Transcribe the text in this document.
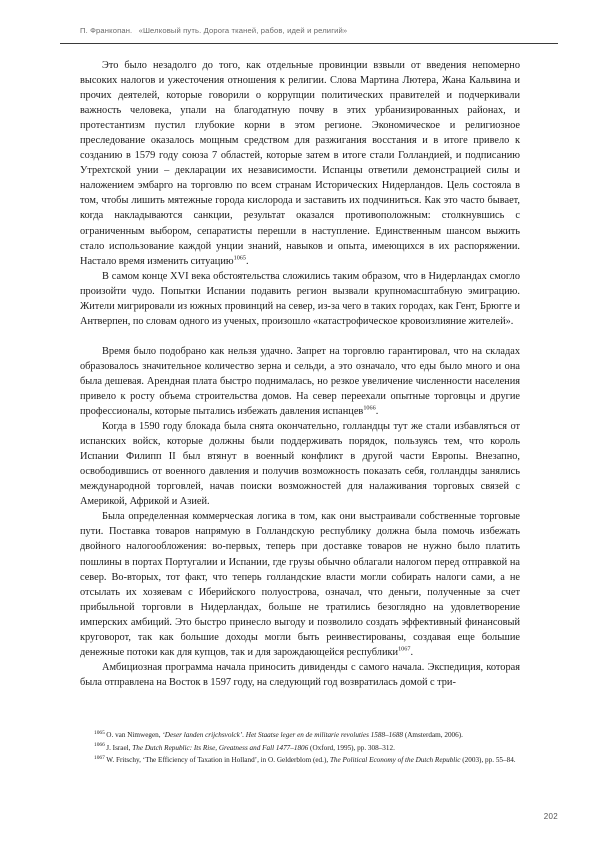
П. Франкопан. «Шелковый путь. Дорога тканей, рабов, идей и религий»

Это было незадолго до того, как отдельные провинции взвыли от введения непомерно высоких налогов и ужесточения отношения к религии. Слова Мартина Лютера, Жана Кальвина и прочих деятелей, которые говорили о коррупции политических правителей и подчеркивали важность человека, упали на благодатную почву в этих урбанизированных районах, и протестантизм пустил глубокие корни в этом регионе. Экономическое и религиозное преследование оказалось мощным средством для разжигания восстания и в итоге привело к созданию в 1579 году союза 7 областей, которые затем в итоге стали Голландией, и подписанию Утрехтской унии – декларации их независимости. Испанцы ответили демонстрацией силы и наложением эмбарго на торговлю по всем странам Исторических Нидерландов. Цель состояла в том, чтобы лишить мятежные города кислорода и заставить их подчиниться. Как это часто бывает, когда накладываются санкции, результат оказался противоположным: столкнувшись с ограниченным выбором, сепаратисты перешли в наступление. Единственным шансом выжить стало использование каждой унции знаний, навыков и опыта, имеющихся в их распоряжении. Настало время изменить ситуацию$^{1065}$.

В самом конце XVI века обстоятельства сложились таким образом, что в Нидерландах смогло произойти чудо. Попытки Испании подавить регион вызвали крупномасштабную эмиграцию. Жители мигрировали из южных провинций на север, из-за чего в таких городах, как Гент, Брюгге и Антверпен, по словам одного из ученых, произошло «катастрофическое кровоизлияние жителей».

Время было подобрано как нельзя удачно. Запрет на торговлю гарантировал, что на складах образовалось значительное количество зерна и сельди, а это означало, что еды было много и она была дешевая. Арендная плата быстро поднималась, но резкое увеличение численности населения привело к росту объема строительства домов. На север переехали опытные торговцы и другие профессионалы, которые пытались избежать давления испанцев$^{1066}$.

Когда в 1590 году блокада была снята окончательно, голландцы тут же стали избавляться от испанских войск, которые должны были поддерживать порядок, пользуясь тем, что король Испании Филипп II был втянут в военный конфликт в другой части Европы. Внезапно, освободившись от военного давления и получив возможность показать себя, голландцы занялись международной торговлей, начав поиски возможностей для налаживания торговых связей с Америкой, Африкой и Азией.

Была определенная коммерческая логика в том, как они выстраивали собственные торговые пути. Поставка товаров напрямую в Голландскую республику должна была помочь избежать двойного налогообложения: во-первых, теперь при доставке товаров не нужно было платить пошлины в портах Португалии и Испании, где грузы обычно облагали налогом перед отправкой на север. Во-вторых, тот факт, что теперь голландские власти могли собирать налоги сами, а не отсылать их хозяевам с Иберийского полуострова, означал, что деньги, полученные за счет прибыльной торговли в Нидерландах, больше не тратились безоглядно на удовлетворение имперских амбиций. Это быстро принесло выгоду и позволило создать эффективный финансовый круговорот, так как большие доходы могли быть реинвестированы, создавая еще большие денежные потоки как для купцов, так и для зарождающейся республики$^{1067}$.

Амбициозная программа начала приносить дивиденды с самого начала. Экспедиция, которая была отправлена на Восток в 1597 году, на следующий год возвратилась домой с три-

$^{1065}$ O. van Nimwegen, ‘Deser landen crijchsvolck’. Het Staatse leger en de militarie revoluties 1588–1688 (Amsterdam, 2006).

$^{1066}$ J. Israel, The Dutch Republic: Its Rise, Greatness and Fall 1477–1806 (Oxford, 1995), pp. 308–312.

$^{1067}$ W. Fritschy, ‘The Efficiency of Taxation in Holland’, in O. Gelderblom (ed.), The Political Economy of the Dutch Republic (2003), pp. 55–84.

202
